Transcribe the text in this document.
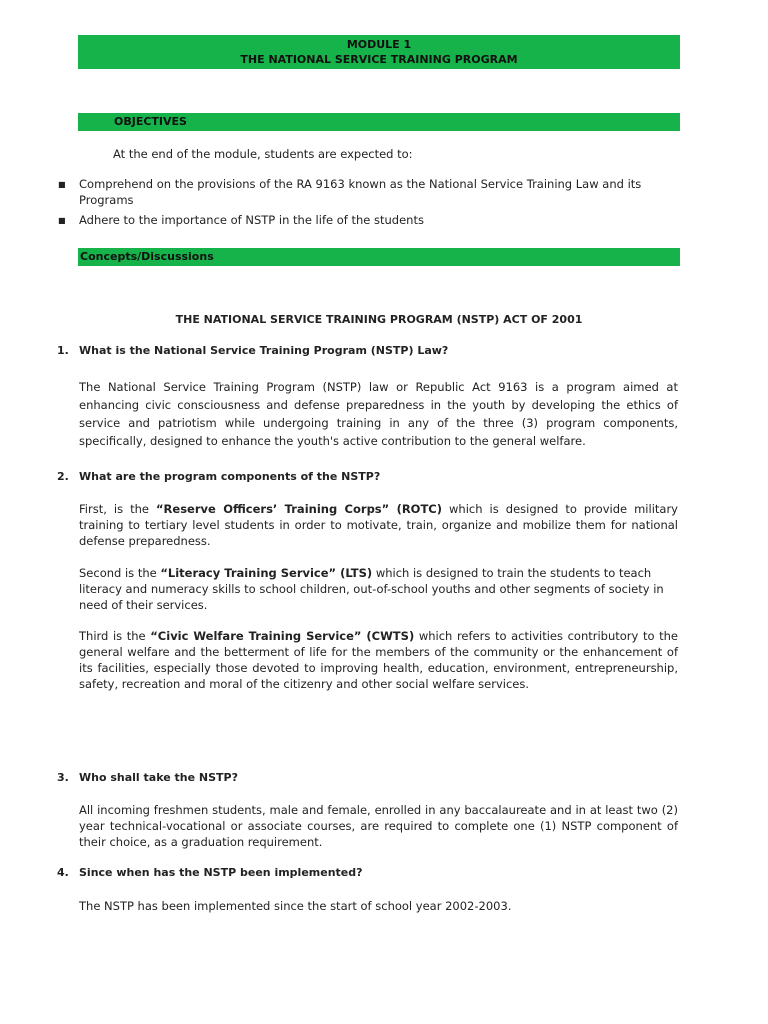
MODULE 1
THE NATIONAL SERVICE TRAINING PROGRAM
OBJECTIVES

At the end of the module, students are expected to:

■ Comprehend on the provisions of the RA 9163 known as the National Service Training Law and its Programs

■ Adhere to the importance of NSTP in the life of the students

Concepts/Discussions

THE NATIONAL SERVICE TRAINING PROGRAM (NSTP) ACT OF 2001

1. What is the National Service Training Program (NSTP) Law?

The National Service Training Program (NSTP) law or Republic Act 9163 is a program aimed at enhancing civic consciousness and defense preparedness in the youth by developing the ethics of service and patriotism while undergoing training in any of the three (3) program components, specifically, designed to enhance the youth's active contribution to the general welfare.

2. What are the program components of the NSTP?

First, is the “Reserve Officers’ Training Corps” (ROTC) which is designed to provide military training to tertiary level students in order to motivate, train, organize and mobilize them for national defense preparedness.

Second is the “Literacy Training Service” (LTS) which is designed to train the students to teach literacy and numeracy skills to school children, out-of-school youths and other segments of society in need of their services.

Third is the “Civic Welfare Training Service” (CWTS) which refers to activities contributory to the general welfare and the betterment of life for the members of the community or the enhancement of its facilities, especially those devoted to improving health, education, environment, entrepreneurship, safety, recreation and moral of the citizenry and other social welfare services.

3. Who shall take the NSTP?

All incoming freshmen students, male and female, enrolled in any baccalaureate and in at least two (2) year technical-vocational or associate courses, are required to complete one (1) NSTP component of their choice, as a graduation requirement.

4. Since when has the NSTP been implemented?

The NSTP has been implemented since the start of school year 2002-2003.
